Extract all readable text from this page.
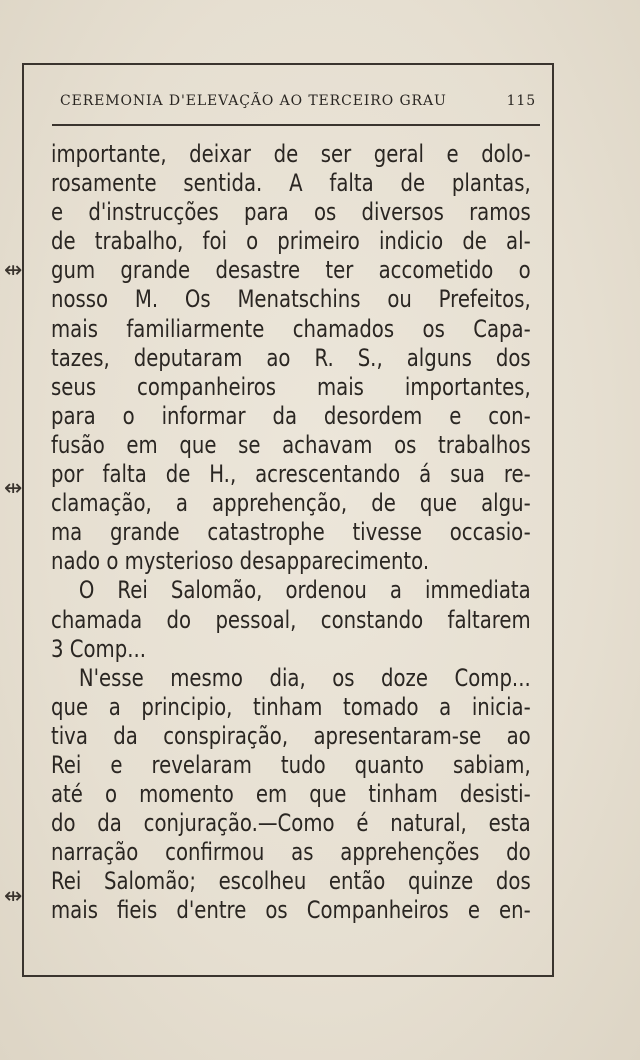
CEREMONIA D'ELEVAÇÃO AO TERCEIRO GRAU	115
importante, deixar de ser geral e dolo-
rosamente sentida. A falta de plantas,
e d'instrucções para os diversos ramos
de trabalho, foi o primeiro indicio de al-
gum grande desastre ter accometido o
nosso M. Os Menatschins ou Prefeitos,
mais familiarmente chamados os Capa-
tazes, deputaram ao R. S., alguns dos
seus companheiros mais importantes,
para o informar da desordem e con-
fusão em que se achavam os trabalhos
por falta de H., acrescentando á sua re-
clamação, a apprehenção, de que algu-
ma grande catastrophe tivesse occasio-
nado o mysterioso desapparecimento.
O Rei Salomão, ordenou a immediata
chamada do pessoal, constando faltarem
3 Comp...
N'esse mesmo dia, os doze Comp...
que a principio, tinham tomado a inicia-
tiva da conspiração, apresentaram-se ao
Rei e revelaram tudo quanto sabiam,
até o momento em que tinham desisti-
do da conjuração.—Como é natural, esta
narração confirmou as apprehenções do
Rei Salomão; escolheu então quinze dos
mais fieis d'entre os Companheiros e en-
⇹
⇹
⇹
